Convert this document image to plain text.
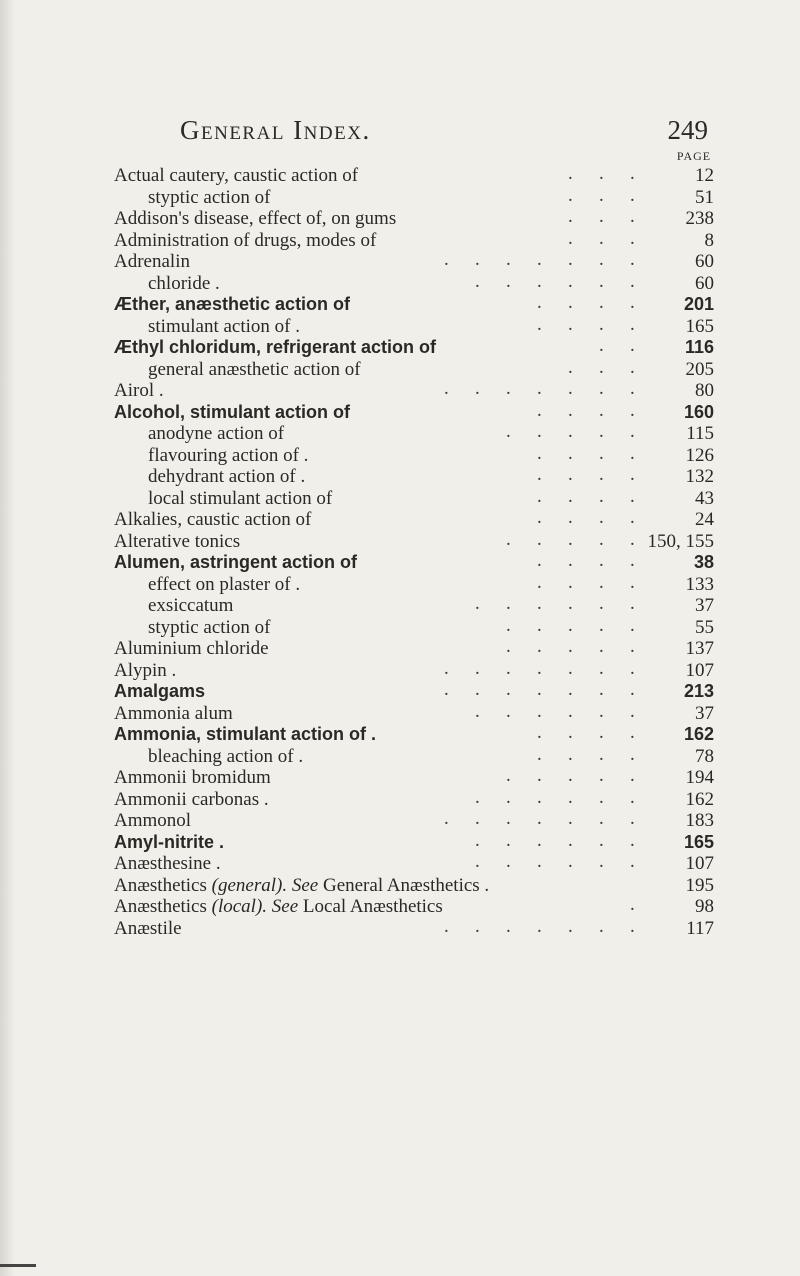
General Index.	249
PAGE
Actual cautery, caustic action of	. . .	12
styptic action of	. . .	51
Addison's disease, effect of, on gums	. . .	238
Administration of drugs, modes of	. . .	8
Adrenalin	. . . . . . .	60
chloride .	. . . . . .	60
Æther, anæsthetic action of	. . . .	201
stimulant action of .	. . . .	165
Æthyl chloridum, refrigerant action of	. .	116
general anæsthetic action of	. . .	205
Airol .	. . . . . . .	80
Alcohol, stimulant action of	. . . .	160
anodyne action of	. . . . .	115
flavouring action of .	. . . .	126
dehydrant action of .	. . . .	132
local stimulant action of	. . . .	43
Alkalies, caustic action of	. . . .	24
Alterative tonics	. . . . . 150, 155
Alumen, astringent action of	. . . .	38
effect on plaster of .	. . . .	133
exsiccatum	. . . . . .	37
styptic action of	. . . . .	55
Aluminium chloride	. . . . .	137
Alypin .	. . . . . . .	107
Amalgams	. . . . . . .	213
Ammonia alum	. . . . . .	37
Ammonia, stimulant action of .	. . . .	162
bleaching action of .	. . . .	78
Ammonii bromidum	. . . . .	194
Ammonii carbonas .	. . . . . .	162
Ammonol	. . . . . . .	183
Amyl-nitrite .	. . . . . .	165
Anæsthesine .	. . . . . .	107
Anæsthetics (general). See General Anæsthetics .	195
Anæsthetics (local). See Local Anæsthetics	.	98
Anæstile	. . . . . . .	117
